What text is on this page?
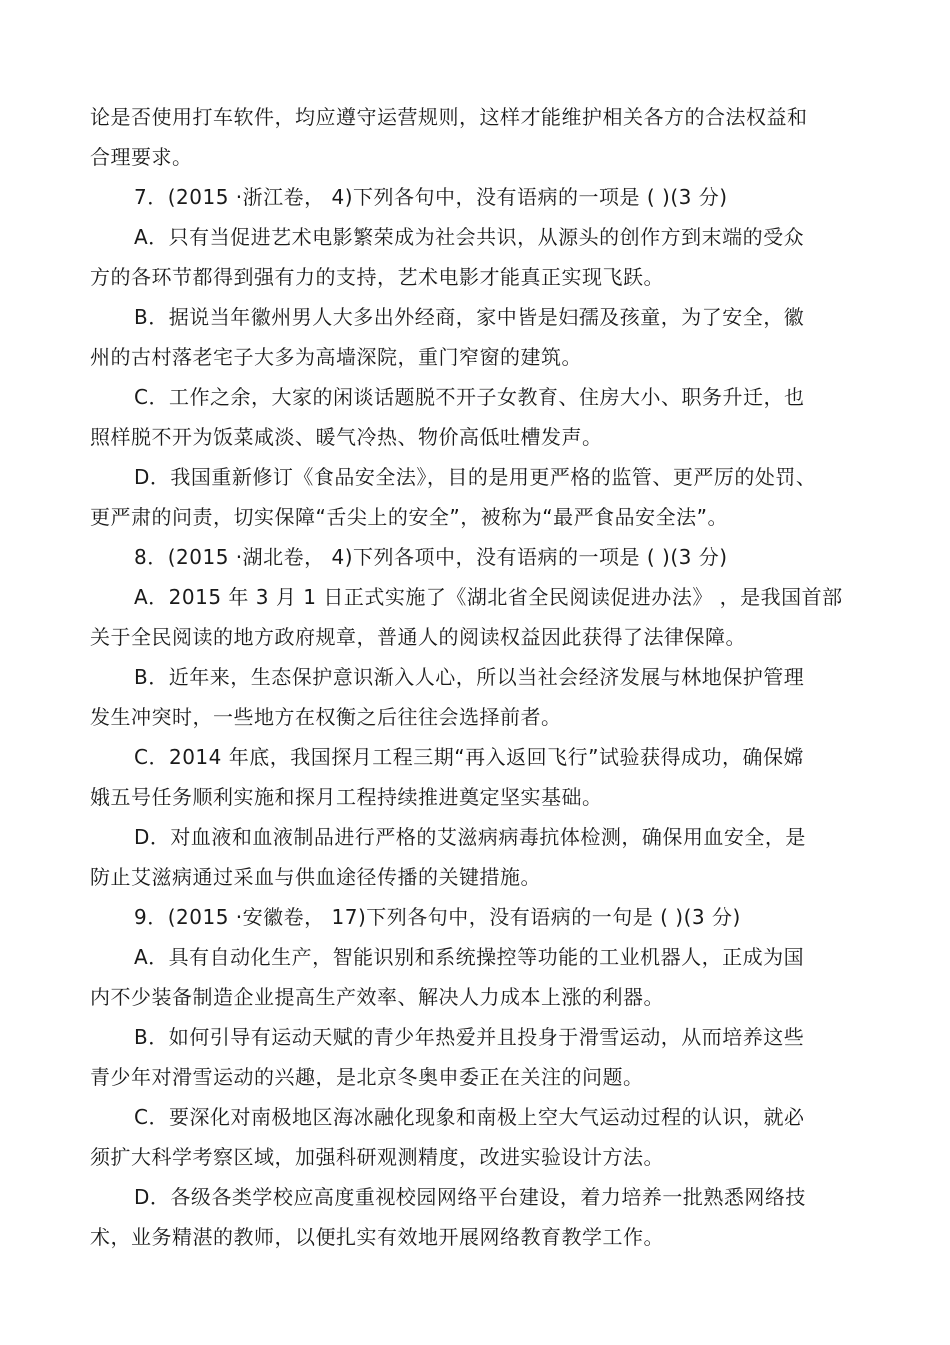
论是否使用打车软件，均应遵守运营规则，这样才能维护相关各方的合法权益和
合理要求。
7．(2015 ·浙江卷， 4)下列各句中，没有语病的一项是 ( )(3 分)
A．只有当促进艺术电影繁荣成为社会共识，从源头的创作方到末端的受众
方的各环节都得到强有力的支持，艺术电影才能真正实现飞跃。
B．据说当年徽州男人大多出外经商，家中皆是妇孺及孩童，为了安全，徽
州的古村落老宅子大多为高墙深院，重门窄窗的建筑。
C．工作之余，大家的闲谈话题脱不开子女教育、住房大小、职务升迁，也
照样脱不开为饭菜咸淡、暖气冷热、物价高低吐槽发声。
D．我国重新修订《食品安全法》，目的是用更严格的监管、更严厉的处罚、
更严肃的问责，切实保障“舌尖上的安全”，被称为“最严食品安全法”。
8．(2015 ·湖北卷， 4)下列各项中，没有语病的一项是 ( )(3 分)
A．2015 年 3 月 1 日正式实施了《湖北省全民阅读促进办法》 ，是我国首部
关于全民阅读的地方政府规章，普通人的阅读权益因此获得了法律保障。
B．近年来，生态保护意识渐入人心，所以当社会经济发展与林地保护管理
发生冲突时，一些地方在权衡之后往往会选择前者。
C．2014 年底，我国探月工程三期“再入返回飞行”试验获得成功，确保嫦
娥五号任务顺利实施和探月工程持续推进奠定坚实基础。
D．对血液和血液制品进行严格的艾滋病病毒抗体检测，确保用血安全，是
防止艾滋病通过采血与供血途径传播的关键措施。
9．(2015 ·安徽卷， 17)下列各句中，没有语病的一句是 ( )(3 分)
A．具有自动化生产，智能识别和系统操控等功能的工业机器人，正成为国
内不少装备制造企业提高生产效率、解决人力成本上涨的利器。
B．如何引导有运动天赋的青少年热爱并且投身于滑雪运动，从而培养这些
青少年对滑雪运动的兴趣，是北京冬奥申委正在关注的问题。
C．要深化对南极地区海冰融化现象和南极上空大气运动过程的认识，就必
须扩大科学考察区域，加强科研观测精度，改进实验设计方法。
D．各级各类学校应高度重视校园网络平台建设，着力培养一批熟悉网络技
术，业务精湛的教师，以便扎实有效地开展网络教育教学工作。
